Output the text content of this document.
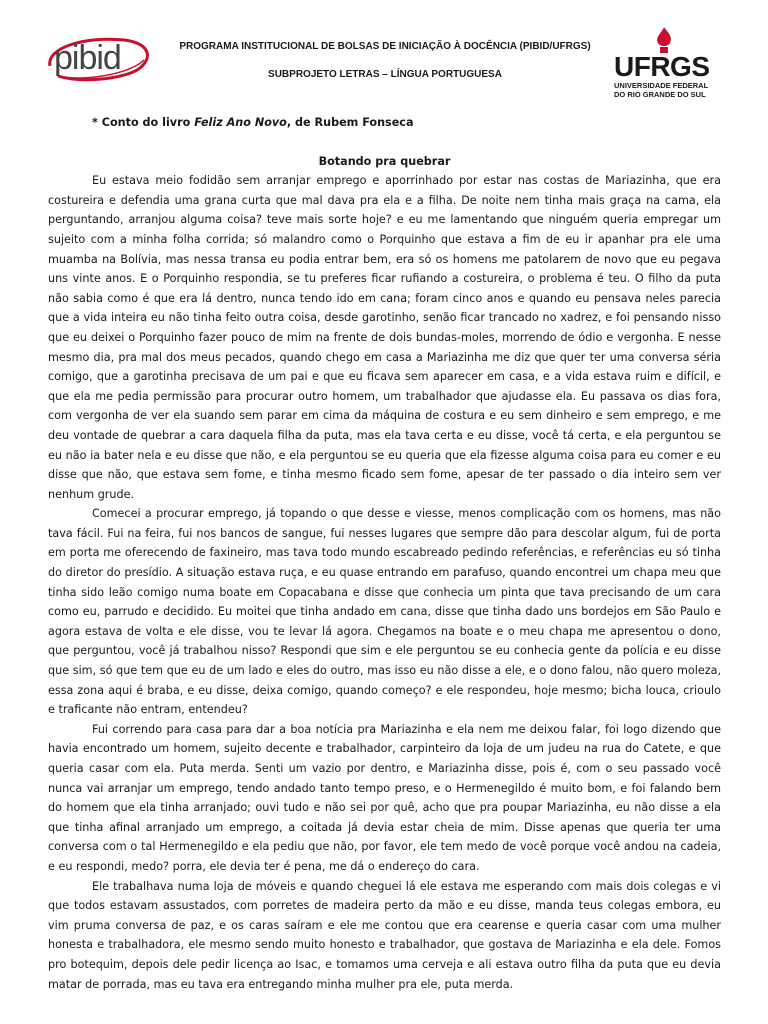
pibid	PROGRAMA INSTITUCIONAL DE BOLSAS DE INICIAÇÃO À DOCÊNCIA (PIBID/UFRGS)
SUBPROJETO LETRAS – LÍNGUA PORTUGUESA	UFRGS
UNIVERSIDADE FEDERAL
DO RIO GRANDE DO SUL
* Conto do livro Feliz Ano Novo, de Rubem Fonseca
Botando pra quebrar

Eu estava meio fodidão sem arranjar emprego e aporrinhado por estar nas costas de Mariazinha, que era costureira e defendia uma grana curta que mal dava pra ela e a filha. De noite nem tinha mais graça na cama, ela perguntando, arranjou alguma coisa? teve mais sorte hoje? e eu me lamentando que ninguém queria empregar um sujeito com a minha folha corrida; só malandro como o Porquinho que estava a fim de eu ir apanhar pra ele uma muamba na Bolívia, mas nessa transa eu podia entrar bem, era só os homens me patolarem de novo que eu pegava uns vinte anos. E o Porquinho respondia, se tu preferes ficar rufiando a costureira, o problema é teu. O filho da puta não sabia como é que era lá dentro, nunca tendo ido em cana; foram cinco anos e quando eu pensava neles parecia que a vida inteira eu não tinha feito outra coisa, desde garotinho, senão ficar trancado no xadrez, e foi pensando nisso que eu deixei o Porquinho fazer pouco de mim na frente de dois bundas-moles, morrendo de ódio e vergonha. E nesse mesmo dia, pra mal dos meus pecados, quando chego em casa a Mariazinha me diz que quer ter uma conversa séria comigo, que a garotinha precisava de um pai e que eu ficava sem aparecer em casa, e a vida estava ruim e difícil, e que ela me pedia permissão para procurar outro homem, um trabalhador que ajudasse ela. Eu passava os dias fora, com vergonha de ver ela suando sem parar em cima da máquina de costura e eu sem dinheiro e sem emprego, e me deu vontade de quebrar a cara daquela filha da puta, mas ela tava certa e eu disse, você tá certa, e ela perguntou se eu não ia bater nela e eu disse que não, e ela perguntou se eu queria que ela fizesse alguma coisa para eu comer e eu disse que não, que estava sem fome, e tinha mesmo ficado sem fome, apesar de ter passado o dia inteiro sem ver nenhum grude.

Comecei a procurar emprego, já topando o que desse e viesse, menos complicação com os homens, mas não tava fácil. Fui na feira, fui nos bancos de sangue, fui nesses lugares que sempre dão para descolar algum, fui de porta em porta me oferecendo de faxineiro, mas tava todo mundo escabreado pedindo referências, e referências eu só tinha do diretor do presídio. A situação estava ruça, e eu quase entrando em parafuso, quando encontrei um chapa meu que tinha sido leão comigo numa boate em Copacabana e disse que conhecia um pinta que tava precisando de um cara como eu, parrudo e decidido. Eu moitei que tinha andado em cana, disse que tinha dado uns bordejos em São Paulo e agora estava de volta e ele disse, vou te levar lá agora. Chegamos na boate e o meu chapa me apresentou o dono, que perguntou, você já trabalhou nisso? Respondi que sim e ele perguntou se eu conhecia gente da polícia e eu disse que sim, só que tem que eu de um lado e eles do outro, mas isso eu não disse a ele, e o dono falou, não quero moleza, essa zona aqui é braba, e eu disse, deixa comigo, quando começo? e ele respondeu, hoje mesmo; bicha louca, crioulo e traficante não entram, entendeu?

Fui correndo para casa para dar a boa notícia pra Mariazinha e ela nem me deixou falar, foi logo dizendo que havia encontrado um homem, sujeito decente e trabalhador, carpinteiro da loja de um judeu na rua do Catete, e que queria casar com ela. Puta merda. Senti um vazio por dentro, e Mariazinha disse, pois é, com o seu passado você nunca vai arranjar um emprego, tendo andado tanto tempo preso, e o Hermenegildo é muito bom, e foi falando bem do homem que ela tinha arranjado; ouvi tudo e não sei por quê, acho que pra poupar Mariazinha, eu não disse a ela que tinha afinal arranjado um emprego, a coitada já devia estar cheia de mim. Disse apenas que queria ter uma conversa com o tal Hermenegildo e ela pediu que não, por favor, ele tem medo de você porque você andou na cadeia, e eu respondi, medo? porra, ele devia ter é pena, me dá o endereço do cara.

Ele trabalhava numa loja de móveis e quando cheguei lá ele estava me esperando com mais dois colegas e vi que todos estavam assustados, com porretes de madeira perto da mão e eu disse, manda teus colegas embora, eu vim pruma conversa de paz, e os caras saíram e ele me contou que era cearense e queria casar com uma mulher honesta e trabalhadora, ele mesmo sendo muito honesto e trabalhador, que gostava de Mariazinha e ela dele. Fomos pro botequim, depois dele pedir licença ao Isac, e tomamos uma cerveja e ali estava outro filha da puta que eu devia matar de porrada, mas eu tava era entregando minha mulher pra ele, puta merda.
